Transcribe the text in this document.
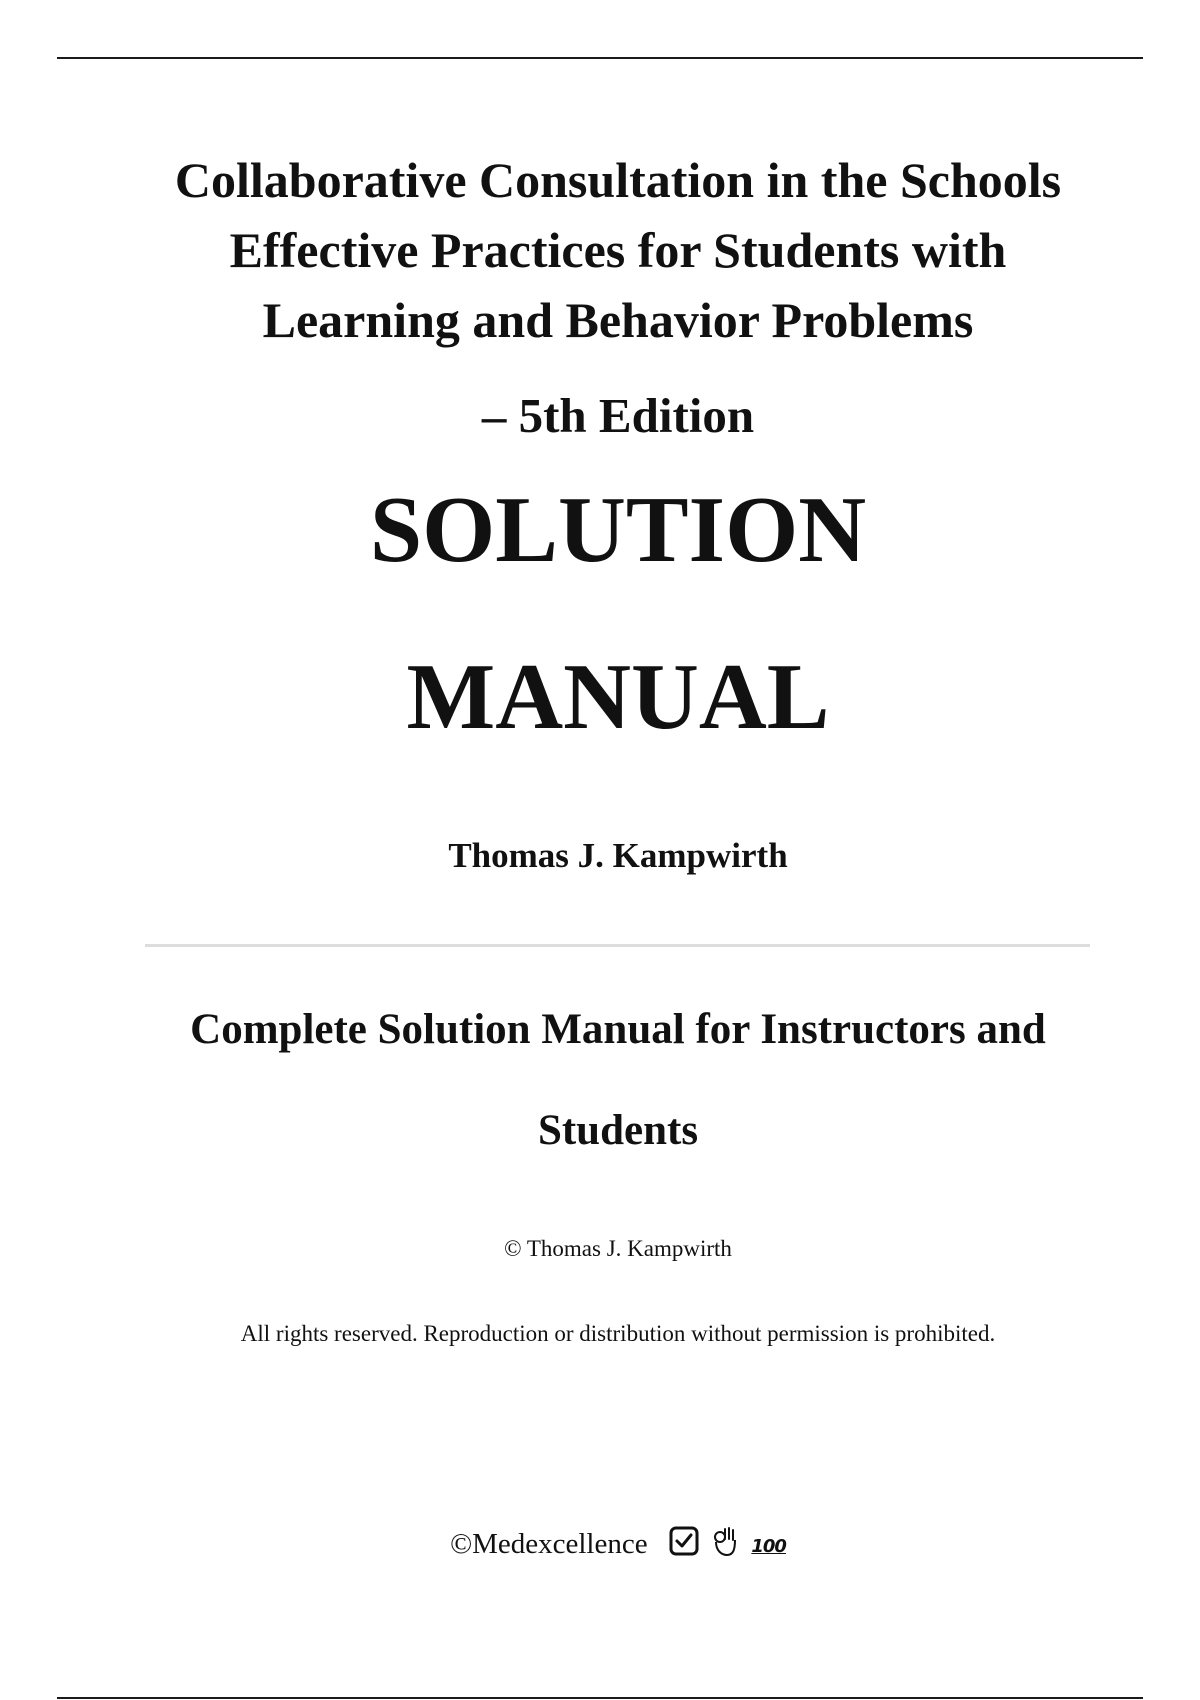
Collaborative Consultation in the Schools
Effective Practices for Students with
Learning and Behavior Problems
– 5th Edition
SOLUTION
MANUAL
Thomas J. Kampwirth
Complete Solution Manual for Instructors and
Students
© Thomas J. Kampwirth
All rights reserved. Reproduction or distribution without permission is prohibited.
©Medexcellence	100
